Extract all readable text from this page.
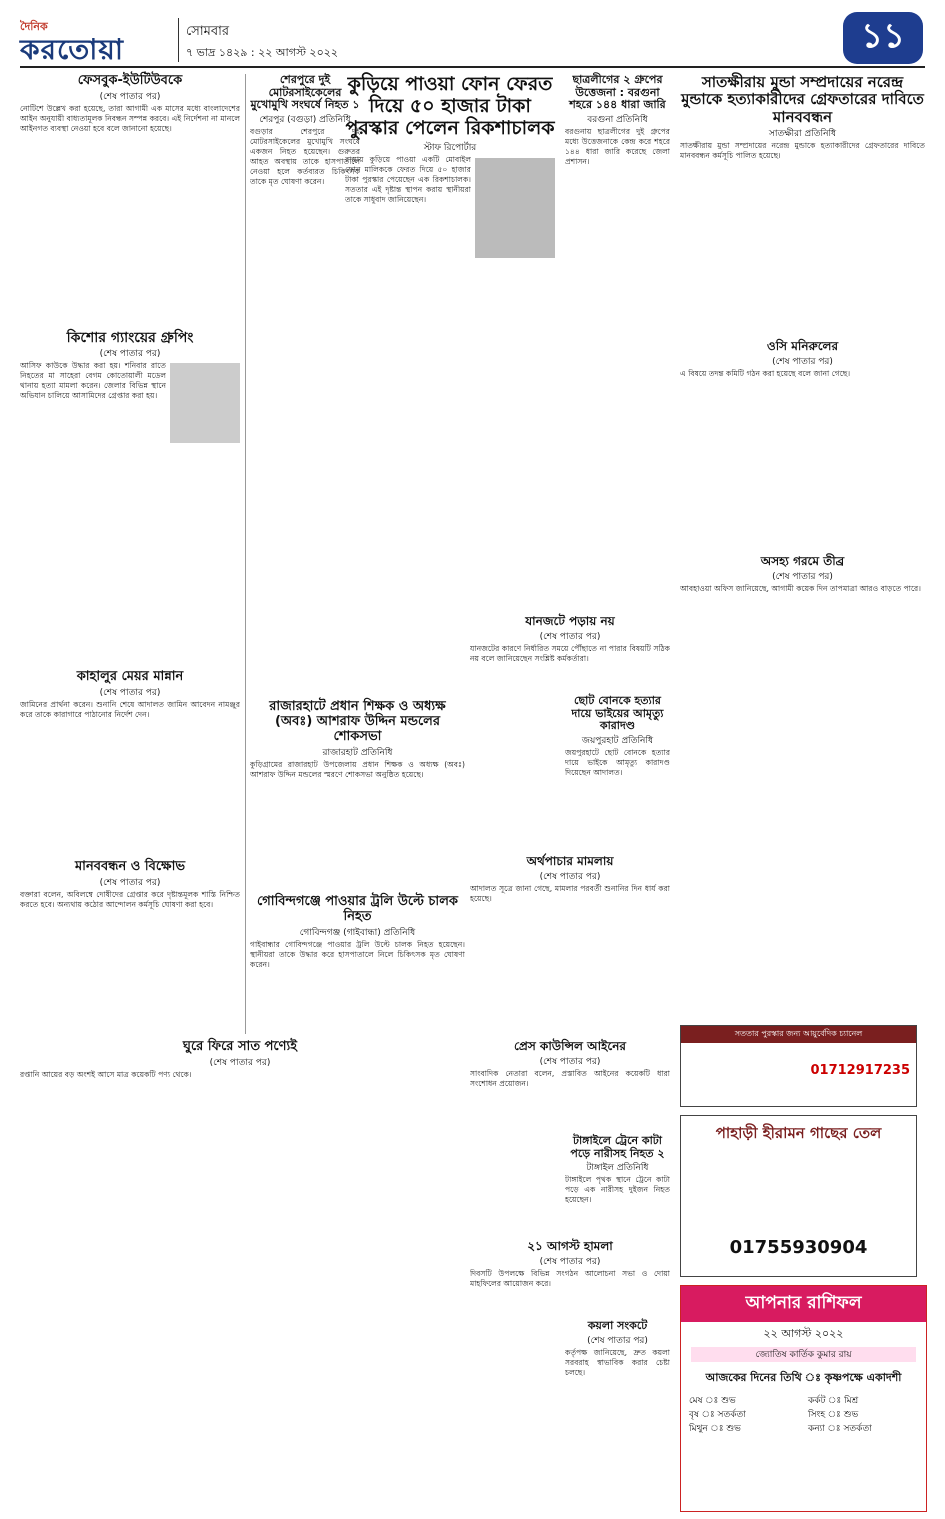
দৈনিক
করতোয়া
সোমবার
৭ ভাদ্র ১৪২৯ : ২২ আগস্ট ২০২২	১১
ফেসবুক-ইউটিউবকে
(শেষ পাতার পর)
নোটিশে উল্লেখ করা হয়েছে, তারা আগামী এক মাসের মধ্যে বাংলাদেশের আইন অনুযায়ী বাধ্যতামূলক নিবন্ধন সম্পন্ন করবে। এই নির্দেশনা না মানলে আইনগত ব্যবস্থা নেওয়া হবে বলে জানানো হয়েছে।
কিশোর গ্যাংয়ের গ্রুপিং
(শেষ পাতার পর)
আসিফ কাউকে উদ্ধার করা হয়। শনিবার রাতে নিহতের মা সাহেরা বেগম কোতোয়ালী মডেল থানায় হত্যা মামলা করেন। জেলার বিভিন্ন স্থানে অভিযান চালিয়ে আসামিদের গ্রেপ্তার করা হয়।
কাহালুর মেয়র মান্নান
(শেষ পাতার পর)
জামিনের প্রার্থনা করেন। শুনানি শেষে আদালত জামিন আবেদন নামঞ্জুর করে তাকে কারাগারে পাঠানোর নির্দেশ দেন।
মানববন্ধন ও বিক্ষোভ
(শেষ পাতার পর)
বক্তারা বলেন, অবিলম্বে দোষীদের গ্রেপ্তার করে দৃষ্টান্তমূলক শাস্তি নিশ্চিত করতে হবে। অন্যথায় কঠোর আন্দোলন কর্মসূচি ঘোষণা করা হবে।
ঘুরে ফিরে সাত পণ্যেই
(শেষ পাতার পর)
রপ্তানি আয়ের বড় অংশই আসে মাত্র কয়েকটি পণ্য থেকে।
শেরপুরে দুই মোটরসাইকেলের মুখোমুখি সংঘর্ষে নিহত ১
শেরপুর (বগুড়া) প্রতিনিধি
বগুড়ার শেরপুরে দুই মোটরসাইকেলের মুখোমুখি সংঘর্ষে একজন নিহত হয়েছেন। গুরুতর আহত অবস্থায় তাকে হাসপাতালে নেওয়া হলে কর্তব্যরত চিকিৎসক তাকে মৃত ঘোষণা করেন।
রাজারহাটে প্রধান শিক্ষক ও অধ্যক্ষ (অবঃ) আশরাফ উদ্দিন মন্ডলের শোকসভা
রাজারহাট প্রতিনিধি
কুড়িগ্রামের রাজারহাট উপজেলায় প্রধান শিক্ষক ও অধ্যক্ষ (অবঃ) আশরাফ উদ্দিন মন্ডলের স্মরণে শোকসভা অনুষ্ঠিত হয়েছে।
গোবিন্দগঞ্জে পাওয়ার ট্রলি উল্টে চালক নিহত
গোবিন্দগঞ্জ (গাইবান্ধা) প্রতিনিধি
গাইবান্ধার গোবিন্দগঞ্জে পাওয়ার ট্রলি উল্টে চালক নিহত হয়েছেন। স্থানীয়রা তাকে উদ্ধার করে হাসপাতালে নিলে চিকিৎসক মৃত ঘোষণা করেন।
কুড়িয়ে পাওয়া ফোন ফেরত দিয়ে ৫০ হাজার টাকা পুরস্কার পেলেন রিকশাচালক
স্টাফ রিপোর্টার
রাস্তায় কুড়িয়ে পাওয়া একটি মোবাইল ফোন মালিককে ফেরত দিয়ে ৫০ হাজার টাকা পুরস্কার পেয়েছেন এক রিকশাচালক। সততার এই দৃষ্টান্ত স্থাপন করায় স্থানীয়রা তাকে সাধুবাদ জানিয়েছেন।
যানজটে পড়ায় নয়
(শেষ পাতার পর)
যানজটের কারণে নির্ধারিত সময়ে পৌঁছাতে না পারার বিষয়টি সঠিক নয় বলে জানিয়েছেন সংশ্লিষ্ট কর্মকর্তারা।
অর্থপাচার মামলায়
(শেষ পাতার পর)
আদালত সূত্রে জানা গেছে, মামলার পরবর্তী শুনানির দিন ধার্য করা হয়েছে।
প্রেস কাউন্সিল আইনের
(শেষ পাতার পর)
সাংবাদিক নেতারা বলেন, প্রস্তাবিত আইনের কয়েকটি ধারা সংশোধন প্রয়োজন।
২১ আগস্ট হামলা
(শেষ পাতার পর)
দিবসটি উপলক্ষে বিভিন্ন সংগঠন আলোচনা সভা ও দোয়া মাহফিলের আয়োজন করে।
ছাত্রলীগের ২ গ্রুপের উত্তেজনা : বরগুনা শহরে ১৪৪ ধারা জারি
বরগুনা প্রতিনিধি
বরগুনায় ছাত্রলীগের দুই গ্রুপের মধ্যে উত্তেজনাকে কেন্দ্র করে শহরে ১৪৪ ধারা জারি করেছে জেলা প্রশাসন।
ছোট বোনকে হত্যার দায়ে ভাইয়ের আমৃত্যু কারাদণ্ড
জয়পুরহাট প্রতিনিধি
জয়পুরহাটে ছোট বোনকে হত্যার দায়ে ভাইকে আমৃত্যু কারাদণ্ড দিয়েছেন আদালত।
টাঙ্গাইলে ট্রেনে কাটা পড়ে নারীসহ নিহত ২
টাঙ্গাইল প্রতিনিধি
টাঙ্গাইলে পৃথক স্থানে ট্রেনে কাটা পড়ে এক নারীসহ দুইজন নিহত হয়েছেন।
কয়লা সংকটে
(শেষ পাতার পর)
কর্তৃপক্ষ জানিয়েছে, দ্রুত কয়লা সরবরাহ স্বাভাবিক করার চেষ্টা চলছে।
সাতক্ষীরায় মুন্ডা সম্প্রদায়ের নরেন্দ্র মুন্ডাকে হত্যাকারীদের গ্রেফতারের দাবিতে মানববন্ধন
সাতক্ষীরা প্রতিনিধি
সাতক্ষীরায় মুন্ডা সম্প্রদায়ের নরেন্দ্র মুন্ডাকে হত্যাকারীদের গ্রেফতারের দাবিতে মানববন্ধন কর্মসূচি পালিত হয়েছে।
ওসি মনিরুলের
(শেষ পাতার পর)
এ বিষয়ে তদন্ত কমিটি গঠন করা হয়েছে বলে জানা গেছে।
অসহ্য গরমে তীব্র
(শেষ পাতার পর)
আবহাওয়া অফিস জানিয়েছে, আগামী কয়েক দিন তাপমাত্রা আরও বাড়তে পারে।
সততার পুরস্কার জন্য আয়ুর্বেদিক চ্যানেল
01712917235
পাহাড়ী হীরামন গাছের তেল
01755930904
আপনার রাশিফল
২২ আগস্ট ২০২২
জ্যোতিষ কার্তিক কুমার রায়
আজকের দিনের তিথি ঃ কৃষ্ণপক্ষে একাদশী
মেষ ঃ শুভ
বৃষ ঃ সতর্কতা
মিথুন ঃ শুভ
কর্কট ঃ মিশ্র
সিংহ ঃ শুভ
কন্যা ঃ সতর্কতা
